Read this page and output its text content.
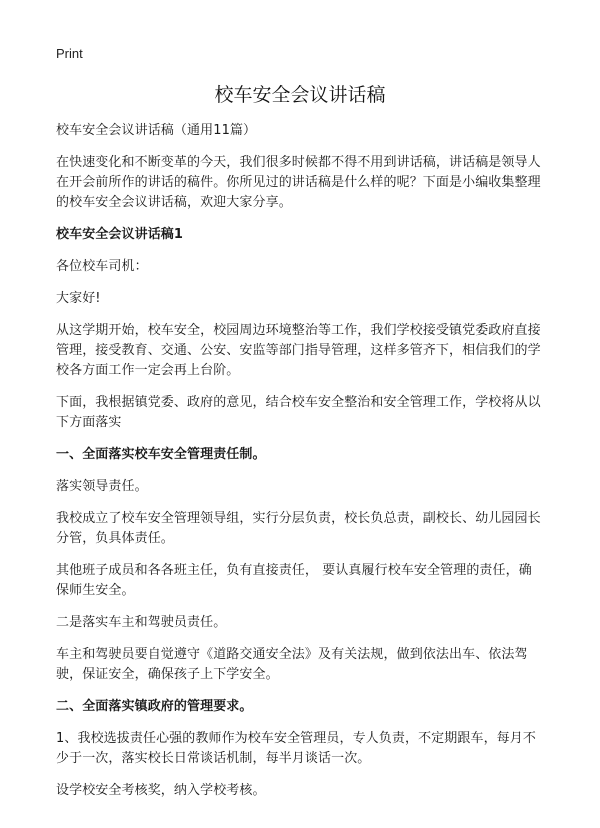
Print
校车安全会议讲话稿

校车安全会议讲话稿（通用11篇）

在快速变化和不断变革的今天，我们很多时候都不得不用到讲话稿，讲话稿是领导人在开会前所作的讲话的稿件。你所见过的讲话稿是什么样的呢？下面是小编收集整理的校车安全会议讲话稿，欢迎大家分享。

校车安全会议讲话稿1

各位校车司机：

大家好!

从这学期开始，校车安全，校园周边环境整治等工作，我们学校接受镇党委政府直接管理，接受教育、交通、公安、安监等部门指导管理，这样多管齐下，相信我们的学校各方面工作一定会再上台阶。

下面，我根据镇党委、政府的意见，结合校车安全整治和安全管理工作，学校将从以下方面落实

一、全面落实校车安全管理责任制。

落实领导责任。

我校成立了校车安全管理领导组，实行分层负责，校长负总责，副校长、幼儿园园长分管，负具体责任。

其他班子成员和各各班主任，负有直接责任， 要认真履行校车安全管理的责任，确保师生安全。

二是落实车主和驾驶员责任。

车主和驾驶员要自觉遵守《道路交通安全法》及有关法规，做到依法出车、依法驾驶，保证安全，确保孩子上下学安全。

二、全面落实镇政府的管理要求。

1、我校选拔责任心强的教师作为校车安全管理员，专人负责，不定期跟车，每月不少于一次，落实校长日常谈话机制，每半月谈话一次。

设学校安全考核奖，纳入学校考核。
